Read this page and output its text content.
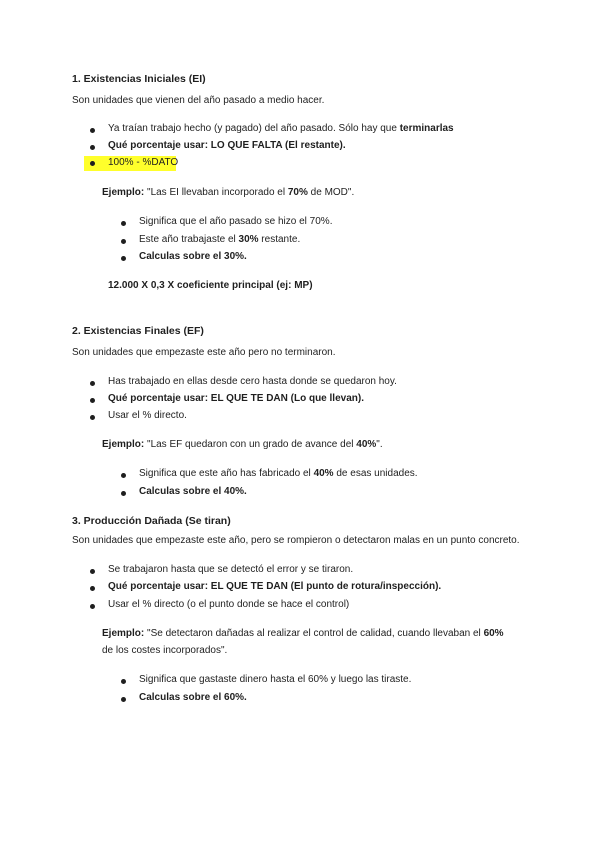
1. Existencias Iniciales (EI)
Son unidades que vienen del año pasado a medio hacer.
Ya traían trabajo hecho (y pagado) del año pasado. Sólo hay que terminarlas
Qué porcentaje usar: LO QUE FALTA (El restante).
100% - %DATO
Ejemplo: "Las EI llevaban incorporado el 70% de MOD".
Significa que el año pasado se hizo el 70%.
Este año trabajaste el 30% restante.
Calculas sobre el 30%.
12.000 X 0,3 X coeficiente principal (ej: MP)
2. Existencias Finales (EF)
Son unidades que empezaste este año pero no terminaron.
Has trabajado en ellas desde cero hasta donde se quedaron hoy.
Qué porcentaje usar: EL QUE TE DAN (Lo que llevan).
Usar el % directo.
Ejemplo: "Las EF quedaron con un grado de avance del 40%".
Significa que este año has fabricado el 40% de esas unidades.
Calculas sobre el 40%.
3. Producción Dañada (Se tiran)
Son unidades que empezaste este año, pero se rompieron o detectaron malas en un punto concreto.
Se trabajaron hasta que se detectó el error y se tiraron.
Qué porcentaje usar: EL QUE TE DAN (El punto de rotura/inspección).
Usar el % directo (o el punto donde se hace el control)
Ejemplo: "Se detectaron dañadas al realizar el control de calidad, cuando llevaban el 60%
de los costes incorporados".
Significa que gastaste dinero hasta el 60% y luego las tiraste.
Calculas sobre el 60%.
